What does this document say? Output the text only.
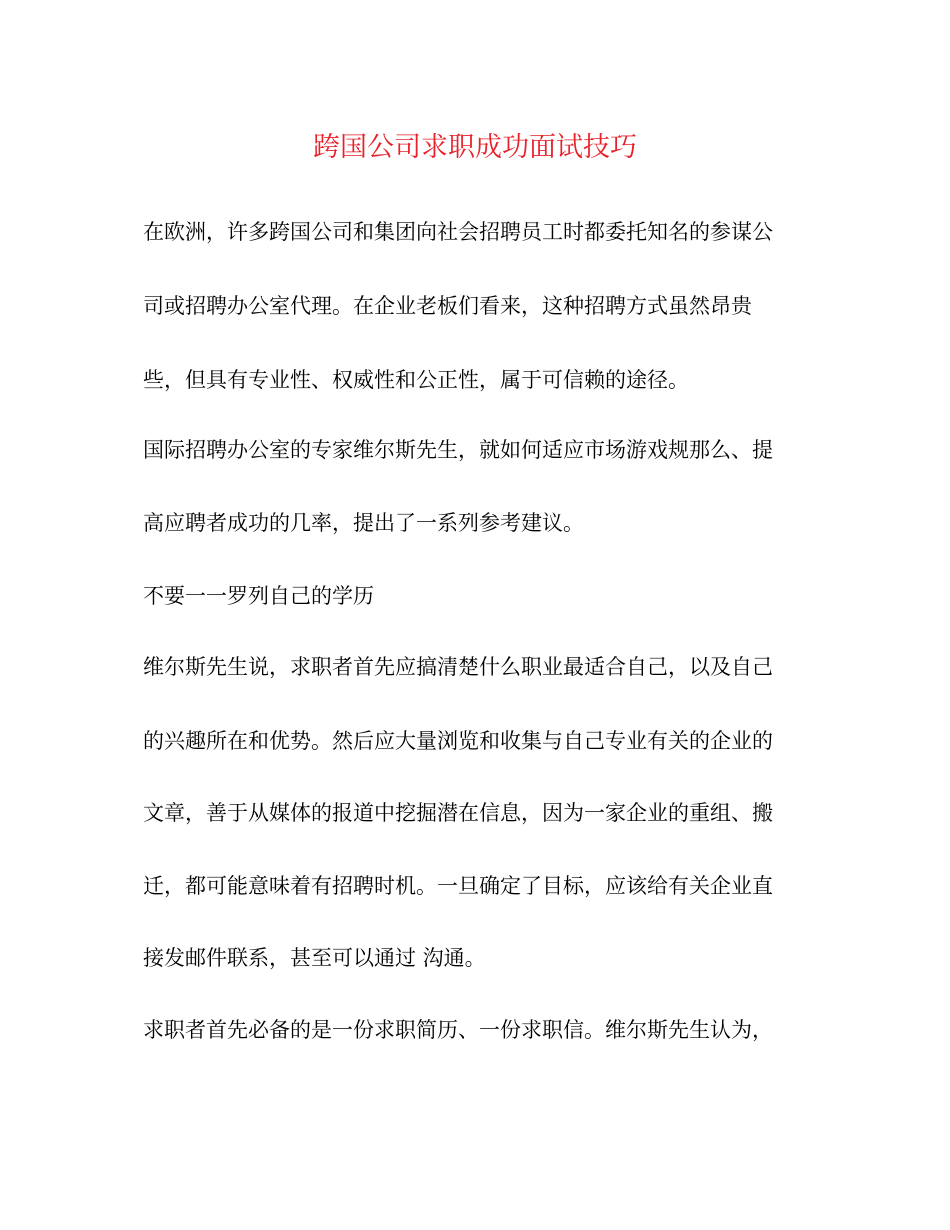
跨国公司求职成功面试技巧

在欧洲，许多跨国公司和集团向社会招聘员工时都委托知名的参谋公

司或招聘办公室代理。在企业老板们看来，这种招聘方式虽然昂贵

些，但具有专业性、权威性和公正性，属于可信赖的途径。

国际招聘办公室的专家维尔斯先生，就如何适应市场游戏规那么、提

高应聘者成功的几率，提出了一系列参考建议。

不要一一罗列自己的学历

维尔斯先生说，求职者首先应搞清楚什么职业最适合自己，以及自己

的兴趣所在和优势。然后应大量浏览和收集与自己专业有关的企业的

文章，善于从媒体的报道中挖掘潜在信息，因为一家企业的重组、搬

迁，都可能意味着有招聘时机。一旦确定了目标，应该给有关企业直

接发邮件联系，甚至可以通过 沟通。

求职者首先必备的是一份求职简历、一份求职信。维尔斯先生认为，
